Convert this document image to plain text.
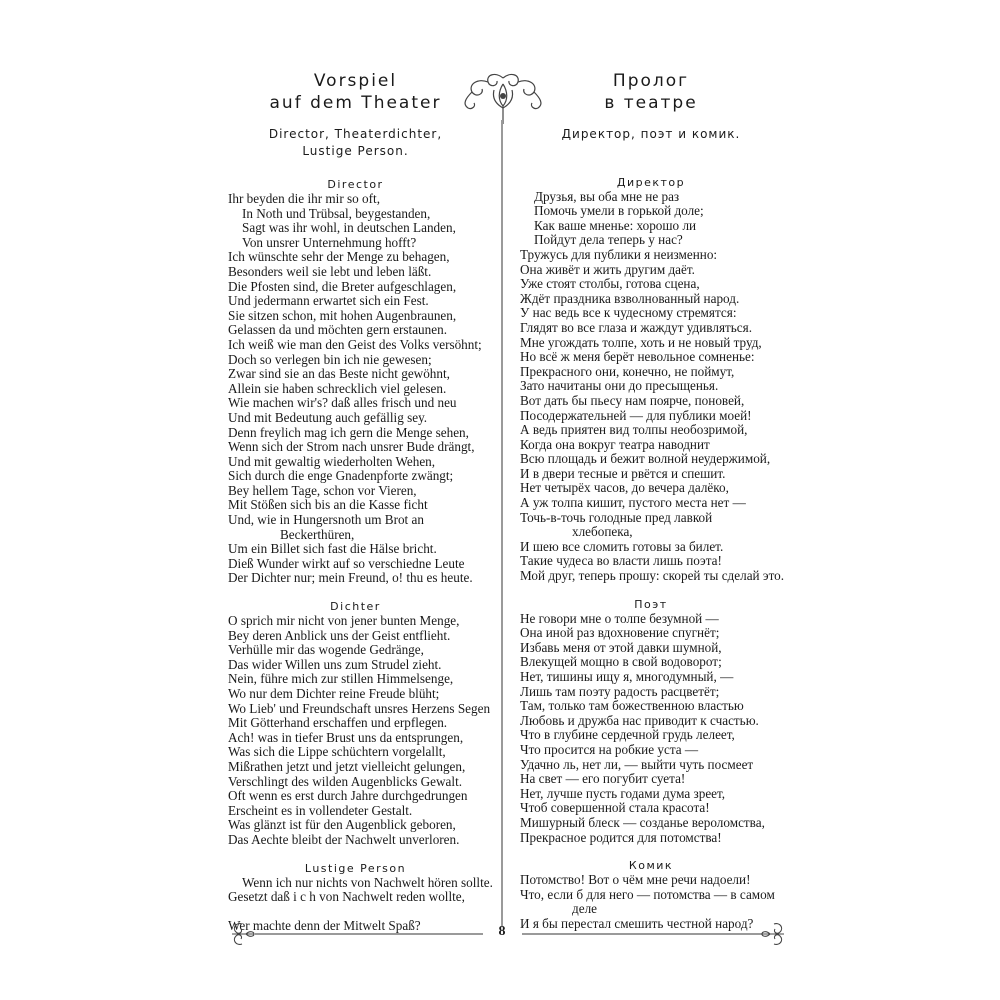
Vorspiel
auf dem Theater
Director, Theaterdichter,
Lustige Person.
Director
Ihr beyden die ihr mir so oft,
In Noth und Trübsal, beygestanden,
Sagt was ihr wohl, in deutschen Landen,
Von unsrer Unternehmung hofft?
Ich wünschte sehr der Menge zu behagen,
Besonders weil sie lebt und leben läßt.
Die Pfosten sind, die Breter aufgeschlagen,
Und jedermann erwartet sich ein Fest.
Sie sitzen schon, mit hohen Augenbraunen,
Gelassen da und möchten gern erstaunen.
Ich weiß wie man den Geist des Volks versöhnt;
Doch so verlegen bin ich nie gewesen;
Zwar sind sie an das Beste nicht gewöhnt,
Allein sie haben schrecklich viel gelesen.
Wie machen wir's? daß alles frisch und neu
Und mit Bedeutung auch gefällig sey.
Denn freylich mag ich gern die Menge sehen,
Wenn sich der Strom nach unsrer Bude drängt,
Und mit gewaltig wiederholten Wehen,
Sich durch die enge Gnadenpforte zwängt;
Bey hellem Tage, schon vor Vieren,
Mit Stößen sich bis an die Kasse ficht
Und, wie in Hungersnoth um Brot an
Beckerthüren,
Um ein Billet sich fast die Hälse bricht.
Dieß Wunder wirkt auf so verschiedne Leute
Der Dichter nur; mein Freund, o! thu es heute.
Dichter
O sprich mir nicht von jener bunten Menge,
Bey deren Anblick uns der Geist entflieht.
Verhülle mir das wogende Gedränge,
Das wider Willen uns zum Strudel zieht.
Nein, führe mich zur stillen Himmelsenge,
Wo nur dem Dichter reine Freude blüht;
Wo Lieb' und Freundschaft unsres Herzens Segen
Mit Götterhand erschaffen und erpflegen.
Ach! was in tiefer Brust uns da entsprungen,
Was sich die Lippe schüchtern vorgelallt,
Mißrathen jetzt und jetzt vielleicht gelungen,
Verschlingt des wilden Augenblicks Gewalt.
Oft wenn es erst durch Jahre durchgedrungen
Erscheint es in vollendeter Gestalt.
Was glänzt ist für den Augenblick geboren,
Das Aechte bleibt der Nachwelt unverloren.
Lustige Person
Wenn ich nur nichts von Nachwelt hören sollte.
Gesetzt daß i c h von Nachwelt reden wollte,
Wer machte denn der Mitwelt Spaß?
Пролог
в театре
Директор, поэт и комик.
Директор
Друзья, вы оба мне не раз
Помочь умели в горькой доле;
Как ваше мненье: хорошо ли
Пойдут дела теперь у нас?
Тружусь для публики я неизменно:
Она живёт и жить другим даёт.
Уже стоят столбы, готова сцена,
Ждёт праздника взволнованный народ.
У нас ведь все к чудесному стремятся:
Глядят во все глаза и жаждут удивляться.
Мне угождать толпе, хоть и не новый труд,
Но всё ж меня берёт невольное сомненье:
Прекрасного они, конечно, не поймут,
Зато начитаны они до пресыщенья.
Вот дать бы пьесу нам поярче, поновей,
Посодержательней — для публики моей!
А ведь приятен вид толпы необозримой,
Когда она вокруг театра наводнит
Всю площадь и бежит волной неудержимой,
И в двери тесные и рвётся и спешит.
Нет четырёх часов, до вечера далёко,
А уж толпа кишит, пустого места нет —
Точь-в-точь голодные пред лавкой
хлебопека,
И шею все сломить готовы за билет.
Такие чудеса во власти лишь поэта!
Мой друг, теперь прошу: скорей ты сделай это.
Поэт
Не говори мне о толпе безумной —
Она иной раз вдохновение спугнёт;
Избавь меня от этой давки шумной,
Влекущей мощно в свой водоворот;
Нет, тишины ищу я, многодумный, —
Лишь там поэту радость расцветёт;
Там, только там божественною властью
Любовь и дружба нас приводит к счастью.
Что в глубине сердечной грудь лелеет,
Что просится на робкие уста —
Удачно ль, нет ли, — выйти чуть посмеет
На свет — его погубит суета!
Нет, лучше пусть годами дума зреет,
Чтоб совершенной стала красота!
Мишурный блеск — созданье вероломства,
Прекрасное родится для потомства!
Комик
Потомство! Вот о чём мне речи надоели!
Что, если б для него — потомства — в самом
деле
И я бы перестал смешить честной народ?
8
